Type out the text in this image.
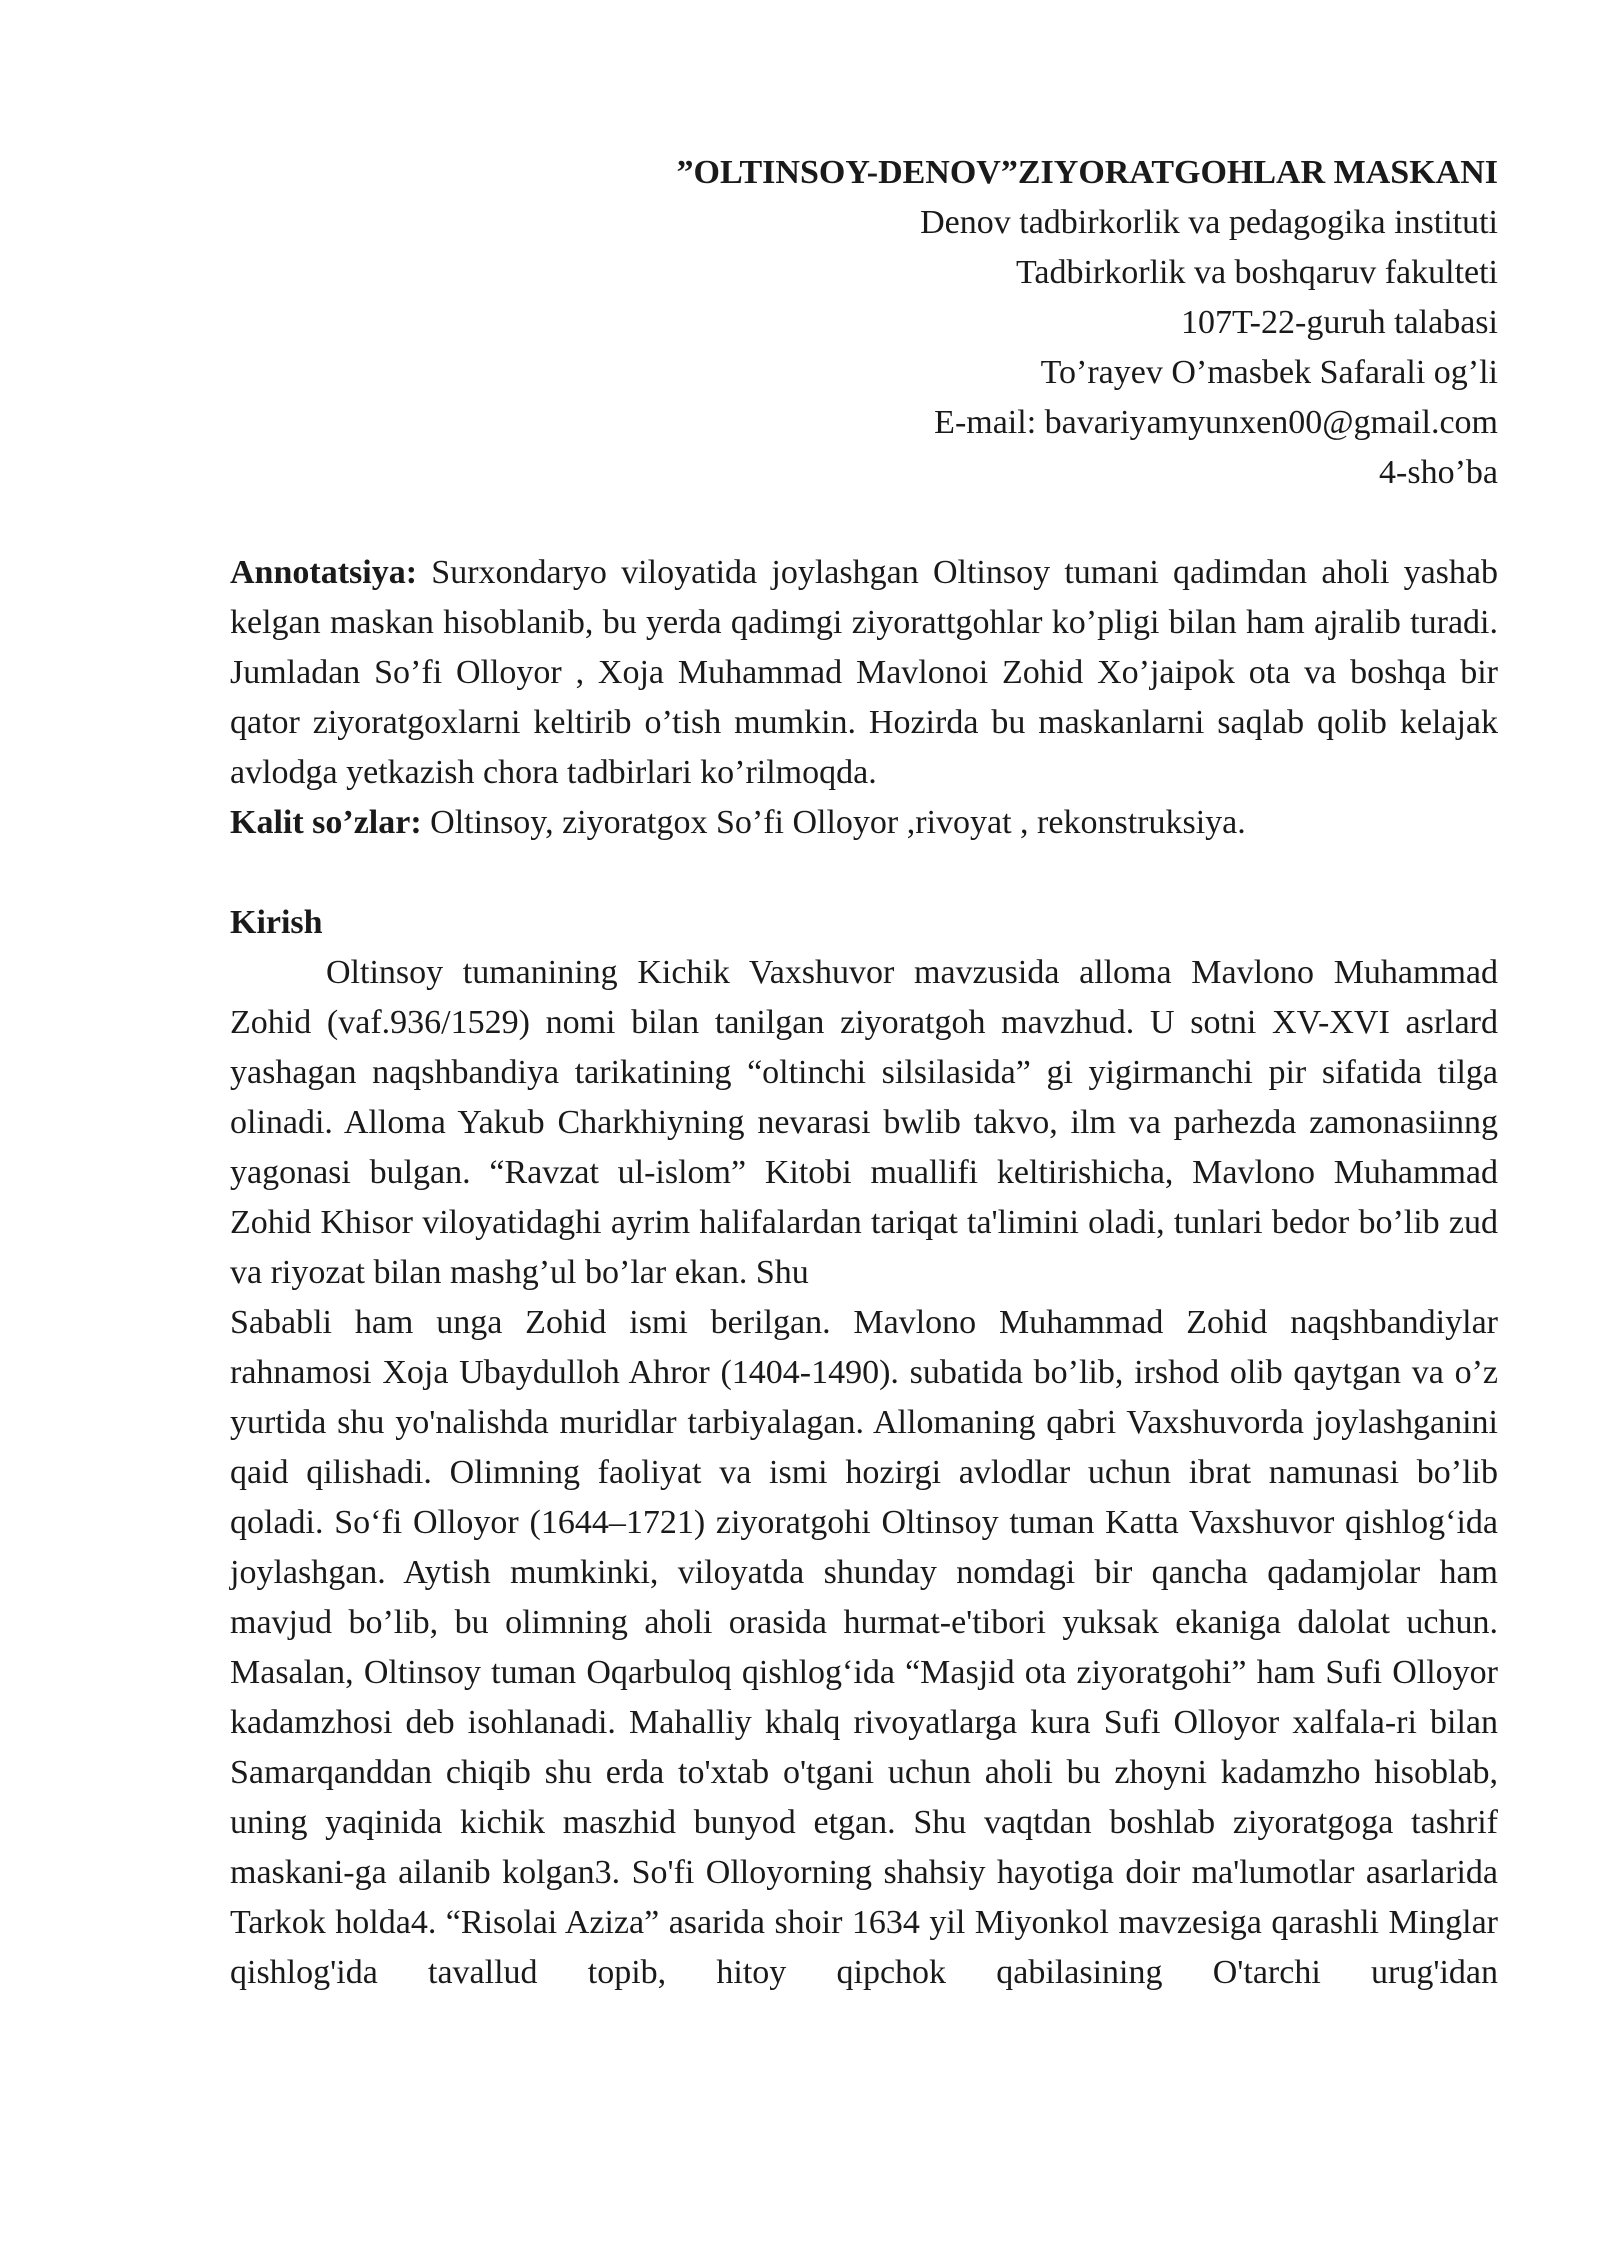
”OLTINSOY-DENOV”ZIYORATGOHLAR MASKANI
Denov tadbirkorlik va pedagogika instituti
Tadbirkorlik va boshqaruv fakulteti
107T-22-guruh talabasi
To’rayev O’masbek Safarali og’li
E-mail: bavariyamyunxen00@gmail.com
4-sho’ba

Annotatsiya: Surxondaryo viloyatida joylashgan Oltinsoy tumani qadimdan aholi yashab kelgan maskan hisoblanib, bu yerda qadimgi ziyorattgohlar ko’pligi bilan ham ajralib turadi. Jumladan So’fi Olloyor , Xoja Muhammad Mavlonoi Zohid Xo’jaipok ota va boshqa bir qator ziyoratgoxlarni keltirib o’tish mumkin. Hozirda bu maskanlarni saqlab qolib kelajak avlodga yetkazish chora tadbirlari ko’rilmoqda.

Kalit so’zlar: Oltinsoy, ziyoratgox So’fi Olloyor ,rivoyat , rekonstruksiya.

Kirish

Oltinsoy tumanining Kichik Vaxshuvor mavzusida alloma Mavlono Muhammad Zohid (vaf.936/1529) nomi bilan tanilgan ziyoratgoh mavzhud. U sotni XV-XVI asrlard yashagan naqshbandiya tarikatining “oltinchi silsilasida” gi yigirmanchi pir sifatida tilga olinadi. Alloma Yakub Charkhiyning nevarasi bwlib takvo, ilm va parhezda zamonasiinng yagonasi bulgan. “Ravzat ul-islom” Kitobi muallifi keltirishicha, Mavlono Muhammad Zohid Khisor viloyatidaghi ayrim halifalardan tariqat ta'limini oladi, tunlari bedor bo’lib zud va riyozat bilan mashg’ul bo’lar ekan. Shu

Sababli ham unga Zohid ismi berilgan. Mavlono Muhammad Zohid naqshbandiylar rahnamosi Xoja Ubaydulloh Ahror (1404-1490). subatida bo’lib, irshod olib qaytgan va o’z yurtida shu yo'nalishda muridlar tarbiyalagan. Allomaning qabri Vaxshuvorda joylashganini qaid qilishadi. Olimning faoliyat va ismi hozirgi avlodlar uchun ibrat namunasi bo’lib qoladi. So‘fi Olloyor (1644–1721) ziyoratgohi Oltinsoy tuman Katta Vaxshuvor qishlog‘ida joylashgan. Aytish mumkinki, viloyatda shunday nomdagi bir qancha qadamjolar ham mavjud bo’lib, bu olimning aholi orasida hurmat-e'tibori yuksak ekaniga dalolat uchun. Masalan, Oltinsoy tuman Oqarbuloq qishlog‘ida “Masjid ota ziyoratgohi” ham Sufi Olloyor kadamzhosi deb isohlanadi. Mahalliy khalq rivoyatlarga kura Sufi Olloyor xalfala-ri bilan Samarqanddan chiqib shu erda to'xtab o'tgani uchun aholi bu zhoyni kadamzho hisoblab, uning yaqinida kichik maszhid bunyod etgan. Shu vaqtdan boshlab ziyoratgoga tashrif maskani-ga ailanib kolgan3. So'fi Olloyorning shahsiy hayotiga doir ma'lumotlar asarlarida Tarkok holda4. “Risolai Aziza” asarida shoir 1634 yil Miyonkol mavzesiga qarashli Minglar qishlog'ida tavallud topib, hitoy qipchok qabilasining O'tarchi urug'idan
